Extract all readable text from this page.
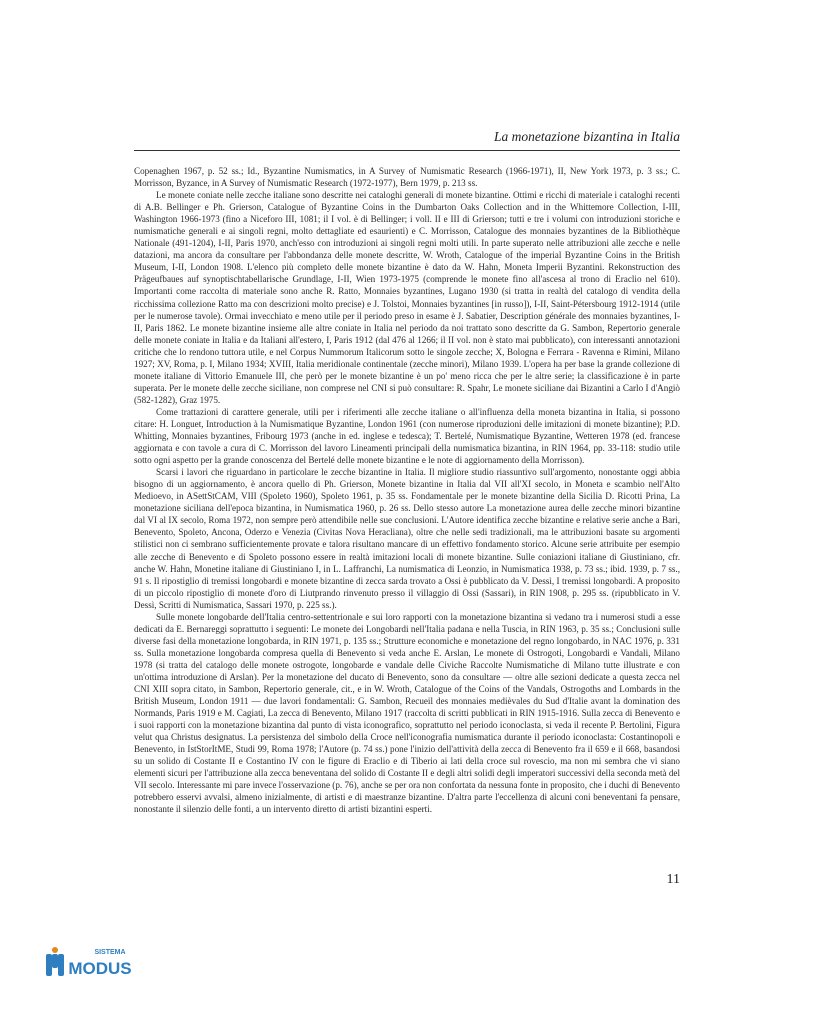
La monetazione bizantina in Italia

Copenaghen 1967, p. 52 ss.; Id., Byzantine Numismatics, in A Survey of Numismatic Research (1966-1971), II, New York 1973, p. 3 ss.; C. Morrisson, Byzance, in A Survey of Numismatic Research (1972-1977), Bern 1979, p. 213 ss.

Le monete coniate nelle zecche italiane sono descritte nei cataloghi generali di monete bizantine. Ottimi e ricchi di materiale i cataloghi recenti di A.B. Bellinger e Ph. Grierson, Catalogue of Byzantine Coins in the Dumbarton Oaks Collection and in the Whittemore Collection, I-III, Washington 1966-1973 (fino a Niceforo III, 1081; il I vol. è di Bellinger; i voll. II e III di Grierson; tutti e tre i volumi con introduzioni storiche e numismatiche generali e ai singoli regni, molto dettagliate ed esaurienti) e C. Morrisson, Catalogue des monnaies byzantines de la Bibliothèque Nationale (491-1204), I-II, Paris 1970, anch'esso con introduzioni ai singoli regni molti utili. In parte superato nelle attribuzioni alle zecche e nelle datazioni, ma ancora da consultare per l'abbondanza delle monete descritte, W. Wroth, Catalogue of the imperial Byzantine Coins in the British Museum, I-II, London 1908. L'elenco più completo delle monete bizantine è dato da W. Hahn, Moneta Imperii Byzantini. Rekonstruction des Prägeufbaues auf synoptischtabellarische Grundlage, I-II, Wien 1973-1975 (comprende le monete fino all'ascesa al trono di Eraclio nel 610). Importanti come raccolta di materiale sono anche R. Ratto, Monnaies byzantines, Lugano 1930 (si tratta in realtà del catalogo di vendita della ricchissima collezione Ratto ma con descrizioni molto precise) e J. Tolstoi, Monnaies byzantines [in russo]), I-II, Saint-Pétersbourg 1912-1914 (utile per le numerose tavole). Ormai invecchiato e meno utile per il periodo preso in esame è J. Sabatier, Description générale des monnaies byzantines, I-II, Paris 1862. Le monete bizantine insieme alle altre coniate in Italia nel periodo da noi trattato sono descritte da G. Sambon, Repertorio generale delle monete coniate in Italia e da Italiani all'estero, I, Paris 1912 (dal 476 al 1266; il II vol. non è stato mai pubblicato), con interessanti annotazioni critiche che lo rendono tuttora utile, e nel Corpus Nummorum Italicorum sotto le singole zecche; X, Bologna e Ferrara - Ravenna e Rimini, Milano 1927; XV, Roma, p. I, Milano 1934; XVIII, Italia meridionale continentale (zecche minori), Milano 1939. L'opera ha per base la grande collezione di monete italiane di Vittorio Emanuele III, che però per le monete bizantine è un po' meno ricca che per le altre serie; la classificazione è in parte superata. Per le monete delle zecche siciliane, non comprese nel CNI si può consultare: R. Spahr, Le monete siciliane dai Bizantini a Carlo I d'Angiò (582-1282), Graz 1975.

Come trattazioni di carattere generale, utili per i riferimenti alle zecche italiane o all'influenza della moneta bizantina in Italia, si possono citare: H. Longuet, Introduction à la Numismatique Byzantine, London 1961 (con numerose riproduzioni delle imitazioni di monete bizantine); P.D. Whitting, Monnaies byzantines, Fribourg 1973 (anche in ed. inglese e tedesca); T. Bertelé, Numismatique Byzantine, Wetteren 1978 (ed. francese aggiornata e con tavole a cura di C. Morrisson del lavoro Lineamenti principali della numismatica bizantina, in RIN 1964, pp. 33-118: studio utile sotto ogni aspetto per la grande conoscenza del Bertelé delle monete bizantine e le note di aggiornamento della Morrisson).

Scarsi i lavori che riguardano in particolare le zecche bizantine in Italia. Il migliore studio riassuntivo sull'argomento, nonostante oggi abbia bisogno di un aggiornamento, è ancora quello di Ph. Grierson, Monete bizantine in Italia dal VII all'XI secolo, in Moneta e scambio nell'Alto Medioevo, in ASettStCAM, VIII (Spoleto 1960), Spoleto 1961, p. 35 ss. Fondamentale per le monete bizantine della Sicilia D. Ricotti Prina, La monetazione siciliana dell'epoca bizantina, in Numismatica 1960, p. 26 ss. Dello stesso autore La monetazione aurea delle zecche minori bizantine dal VI al IX secolo, Roma 1972, non sempre però attendibile nelle sue conclusioni. L'Autore identifica zecche bizantine e relative serie anche a Bari, Benevento, Spoleto, Ancona, Oderzo e Venezia (Civitas Nova Heracliana), oltre che nelle sedi tradizionali, ma le attribuzioni basate su argomenti stilistici non ci sembrano sufficientemente provate e talora risultano mancare di un effettivo fondamento storico. Alcune serie attribuite per esempio alle zecche di Benevento e di Spoleto possono essere in realtà imitazioni locali di monete bizantine. Sulle coniazioni italiane di Giustiniano, cfr. anche W. Hahn, Monetine italiane di Giustiniano I, in L. Laffranchi, La numismatica di Leonzio, in Numismatica 1938, p. 73 ss.; ibid. 1939, p. 7 ss., 91 s. Il ripostiglio di tremissi longobardi e monete bizantine di zecca sarda trovato a Ossi è pubblicato da V. Dessì, I tremissi longobardi. A proposito di un piccolo ripostiglio di monete d'oro di Liutprando rinvenuto presso il villaggio di Ossi (Sassari), in RIN 1908, p. 295 ss. (ripubblicato in V. Dessì, Scritti di Numismatica, Sassari 1970, p. 225 ss.).

Sulle monete longobarde dell'Italia centro-settentrionale e sui loro rapporti con la monetazione bizantina si vedano tra i numerosi studi a esse dedicati da E. Bernareggi soprattutto i seguenti: Le monete dei Longobardi nell'Italia padana e nella Tuscia, in RIN 1963, p. 35 ss.; Conclusioni sulle diverse fasi della monetazione longobarda, in RIN 1971, p. 135 ss.; Strutture economiche e monetazione del regno longobardo, in NAC 1976, p. 331 ss. Sulla monetazione longobarda compresa quella di Benevento si veda anche E. Arslan, Le monete di Ostrogoti, Longobardi e Vandali, Milano 1978 (si tratta del catalogo delle monete ostrogote, longobarde e vandale delle Civiche Raccolte Numismatiche di Milano tutte illustrate e con un'ottima introduzione di Arslan). Per la monetazione del ducato di Benevento, sono da consultare — oltre alle sezioni dedicate a questa zecca nel CNI XIII sopra citato, in Sambon, Repertorio generale, cit., e in W. Wroth, Catalogue of the Coins of the Vandals, Ostrogoths and Lombards in the British Museum, London 1911 — due lavori fondamentali: G. Sambon, Recueil des monnaies medièvales du Sud d'Italie avant la domination des Normands, Paris 1919 e M. Cagiati, La zecca di Benevento, Milano 1917 (raccolta di scritti pubblicati in RIN 1915-1916. Sulla zecca di Benevento e i suoi rapporti con la monetazione bizantina dal punto di vista iconografico, soprattutto nel periodo iconoclasta, si veda il recente P. Bertolini, Figura velut qua Christus designatus. La persistenza del simbolo della Croce nell'iconografia numismatica durante il periodo iconoclasta: Costantinopoli e Benevento, in IstStorItME, Studi 99, Roma 1978; l'Autore (p. 74 ss.) pone l'inizio dell'attività della zecca di Benevento fra il 659 e il 668, basandosi su un solido di Costante II e Costantino IV con le figure di Eraclio e di Tiberio ai lati della croce sul rovescio, ma non mi sembra che vi siano elementi sicuri per l'attribuzione alla zecca beneventana del solido di Costante II e degli altri solidi degli imperatori successivi della seconda metà del VII secolo. Interessante mi pare invece l'osservazione (p. 76), anche se per ora non confortata da nessuna fonte in proposito, che i duchi di Benevento potrebbero esservi avvalsi, almeno inizialmente, di artisti e di maestranze bizantine. D'altra parte l'eccellenza di alcuni coni beneventani fa pensare, nonostante il silenzio delle fonti, a un intervento diretto di artisti bizantini esperti.

11
SISTEMA
MODUS
